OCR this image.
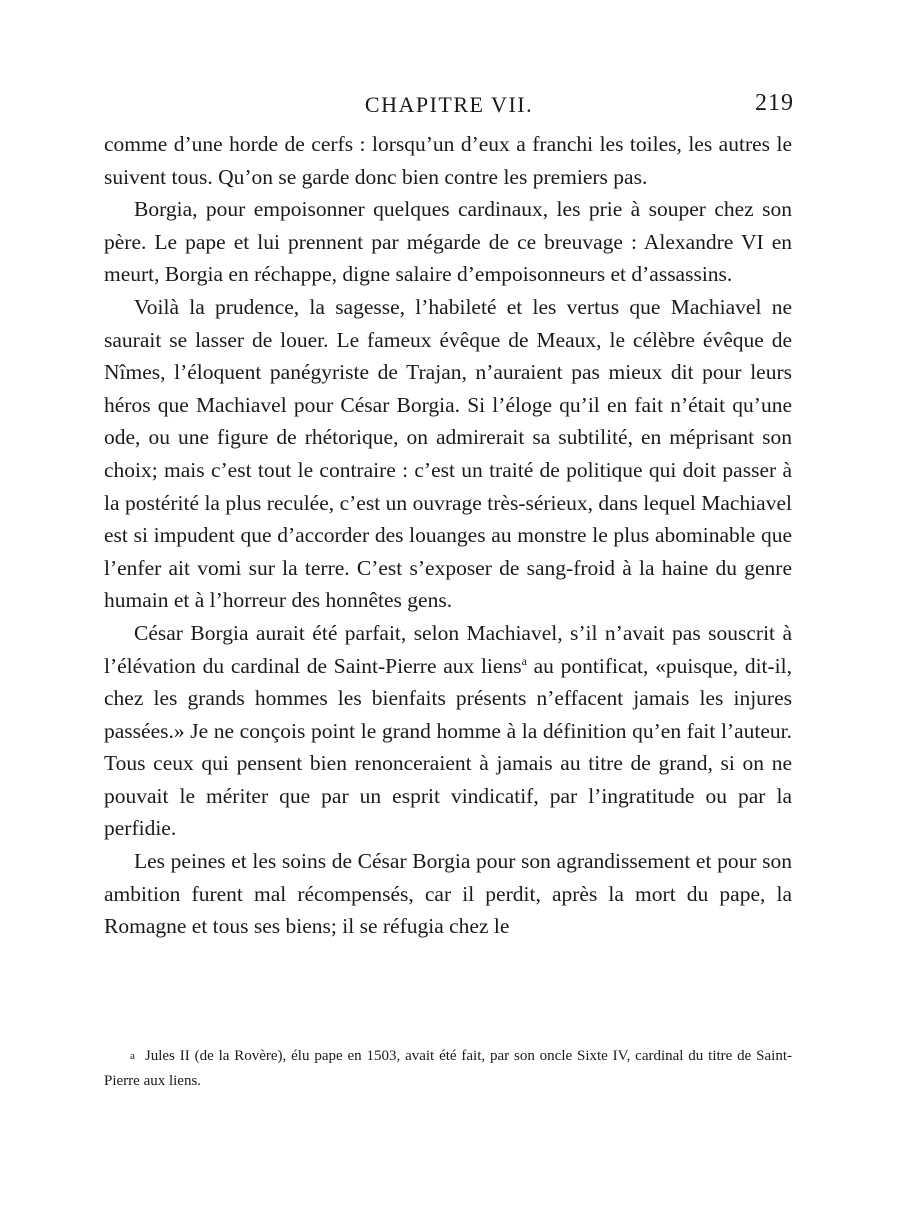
CHAPITRE VII.	219

comme d’une horde de cerfs : lorsqu’un d’eux a franchi les toiles, les autres le suivent tous. Qu’on se garde donc bien contre les premiers pas.

Borgia, pour empoisonner quelques cardinaux, les prie à souper chez son père. Le pape et lui prennent par mégarde de ce breuvage : Alexandre VI en meurt, Borgia en réchappe, digne salaire d’empoisonneurs et d’assassins.

Voilà la prudence, la sagesse, l’habileté et les vertus que Machiavel ne saurait se lasser de louer. Le fameux évêque de Meaux, le célèbre évêque de Nîmes, l’éloquent panégyriste de Trajan, n’auraient pas mieux dit pour leurs héros que Machiavel pour César Borgia. Si l’éloge qu’il en fait n’était qu’une ode, ou une figure de rhétorique, on admirerait sa subtilité, en méprisant son choix; mais c’est tout le contraire : c’est un traité de politique qui doit passer à la postérité la plus reculée, c’est un ouvrage très-sérieux, dans lequel Machiavel est si impudent que d’accorder des louanges au monstre le plus abominable que l’enfer ait vomi sur la terre. C’est s’exposer de sang-froid à la haine du genre humain et à l’horreur des honnêtes gens.

César Borgia aurait été parfait, selon Machiavel, s’il n’avait pas souscrit à l’élévation du cardinal de Saint-Pierre aux liens$^a$ au pontificat, «puisque, dit-il, chez les grands hommes les bienfaits présents n’effacent jamais les injures passées.» Je ne conçois point le grand homme à la définition qu’en fait l’auteur. Tous ceux qui pensent bien renonceraient à jamais au titre de grand, si on ne pouvait le mériter que par un esprit vindicatif, par l’ingratitude ou par la perfidie.

Les peines et les soins de César Borgia pour son agrandissement et pour son ambition furent mal récompensés, car il perdit, après la mort du pape, la Romagne et tous ses biens; il se réfugia chez le

a Jules II (de la Rovère), élu pape en 1503, avait été fait, par son oncle Sixte IV, cardinal du titre de Saint-Pierre aux liens.
